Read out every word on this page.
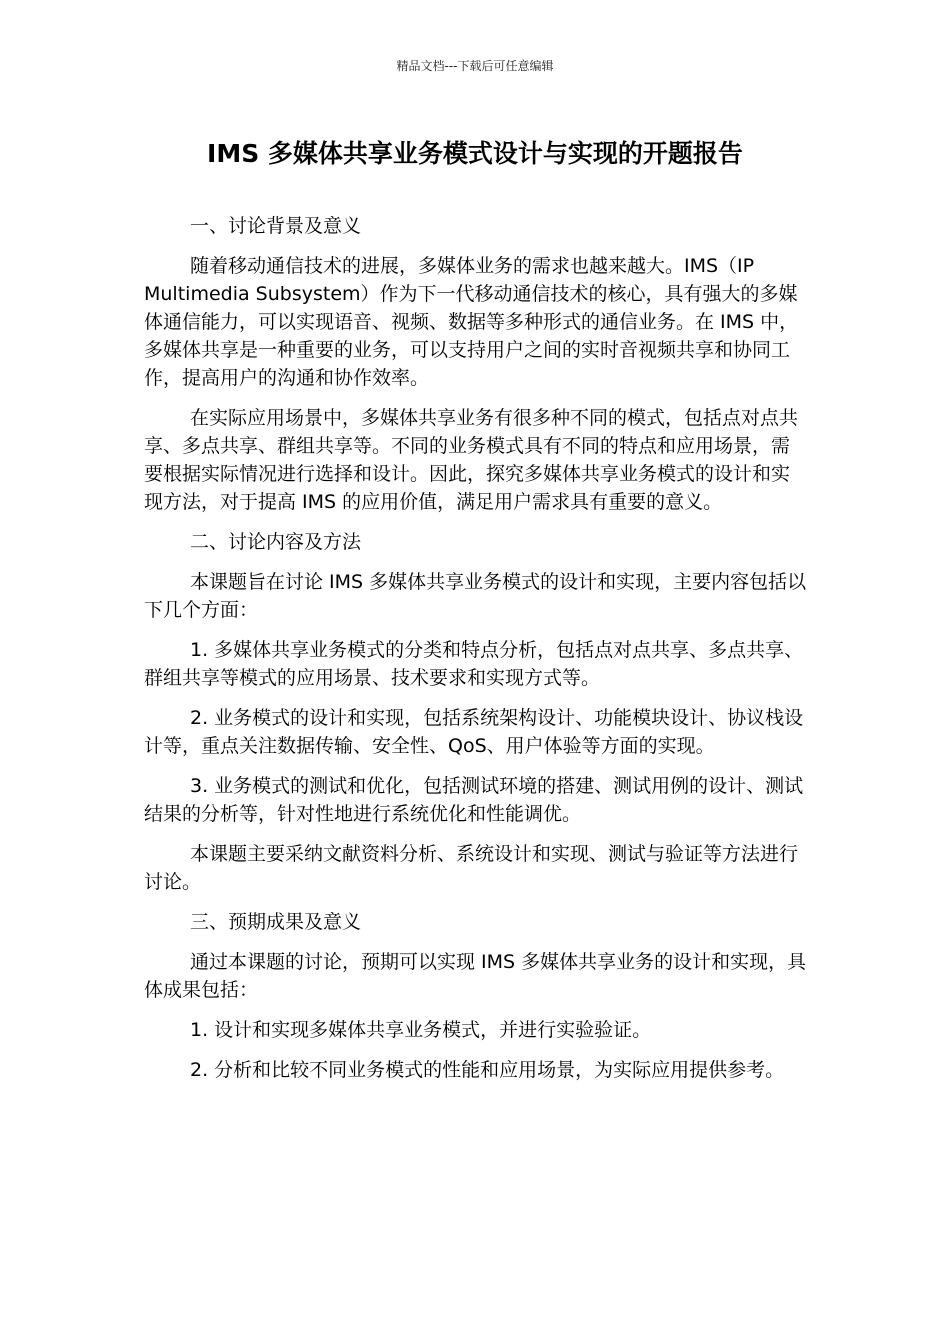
精品文档---下载后可任意编辑
IMS 多媒体共享业务模式设计与实现的开题报告

一、讨论背景及意义

随着移动通信技术的进展，多媒体业务的需求也越来越大。IMS（IP Multimedia Subsystem）作为下一代移动通信技术的核心，具有强大的多媒体通信能力，可以实现语音、视频、数据等多种形式的通信业务。在 IMS 中，多媒体共享是一种重要的业务，可以支持用户之间的实时音视频共享和协同工作，提高用户的沟通和协作效率。

在实际应用场景中，多媒体共享业务有很多种不同的模式，包括点对点共享、多点共享、群组共享等。不同的业务模式具有不同的特点和应用场景，需要根据实际情况进行选择和设计。因此，探究多媒体共享业务模式的设计和实现方法，对于提高 IMS 的应用价值，满足用户需求具有重要的意义。

二、讨论内容及方法

本课题旨在讨论 IMS 多媒体共享业务模式的设计和实现，主要内容包括以下几个方面：

1. 多媒体共享业务模式的分类和特点分析，包括点对点共享、多点共享、群组共享等模式的应用场景、技术要求和实现方式等。

2. 业务模式的设计和实现，包括系统架构设计、功能模块设计、协议栈设计等，重点关注数据传输、安全性、QoS、用户体验等方面的实现。

3. 业务模式的测试和优化，包括测试环境的搭建、测试用例的设计、测试结果的分析等，针对性地进行系统优化和性能调优。

本课题主要采纳文献资料分析、系统设计和实现、测试与验证等方法进行讨论。

三、预期成果及意义

通过本课题的讨论，预期可以实现 IMS 多媒体共享业务的设计和实现，具体成果包括：

1. 设计和实现多媒体共享业务模式，并进行实验验证。

2. 分析和比较不同业务模式的性能和应用场景，为实际应用提供参考。
